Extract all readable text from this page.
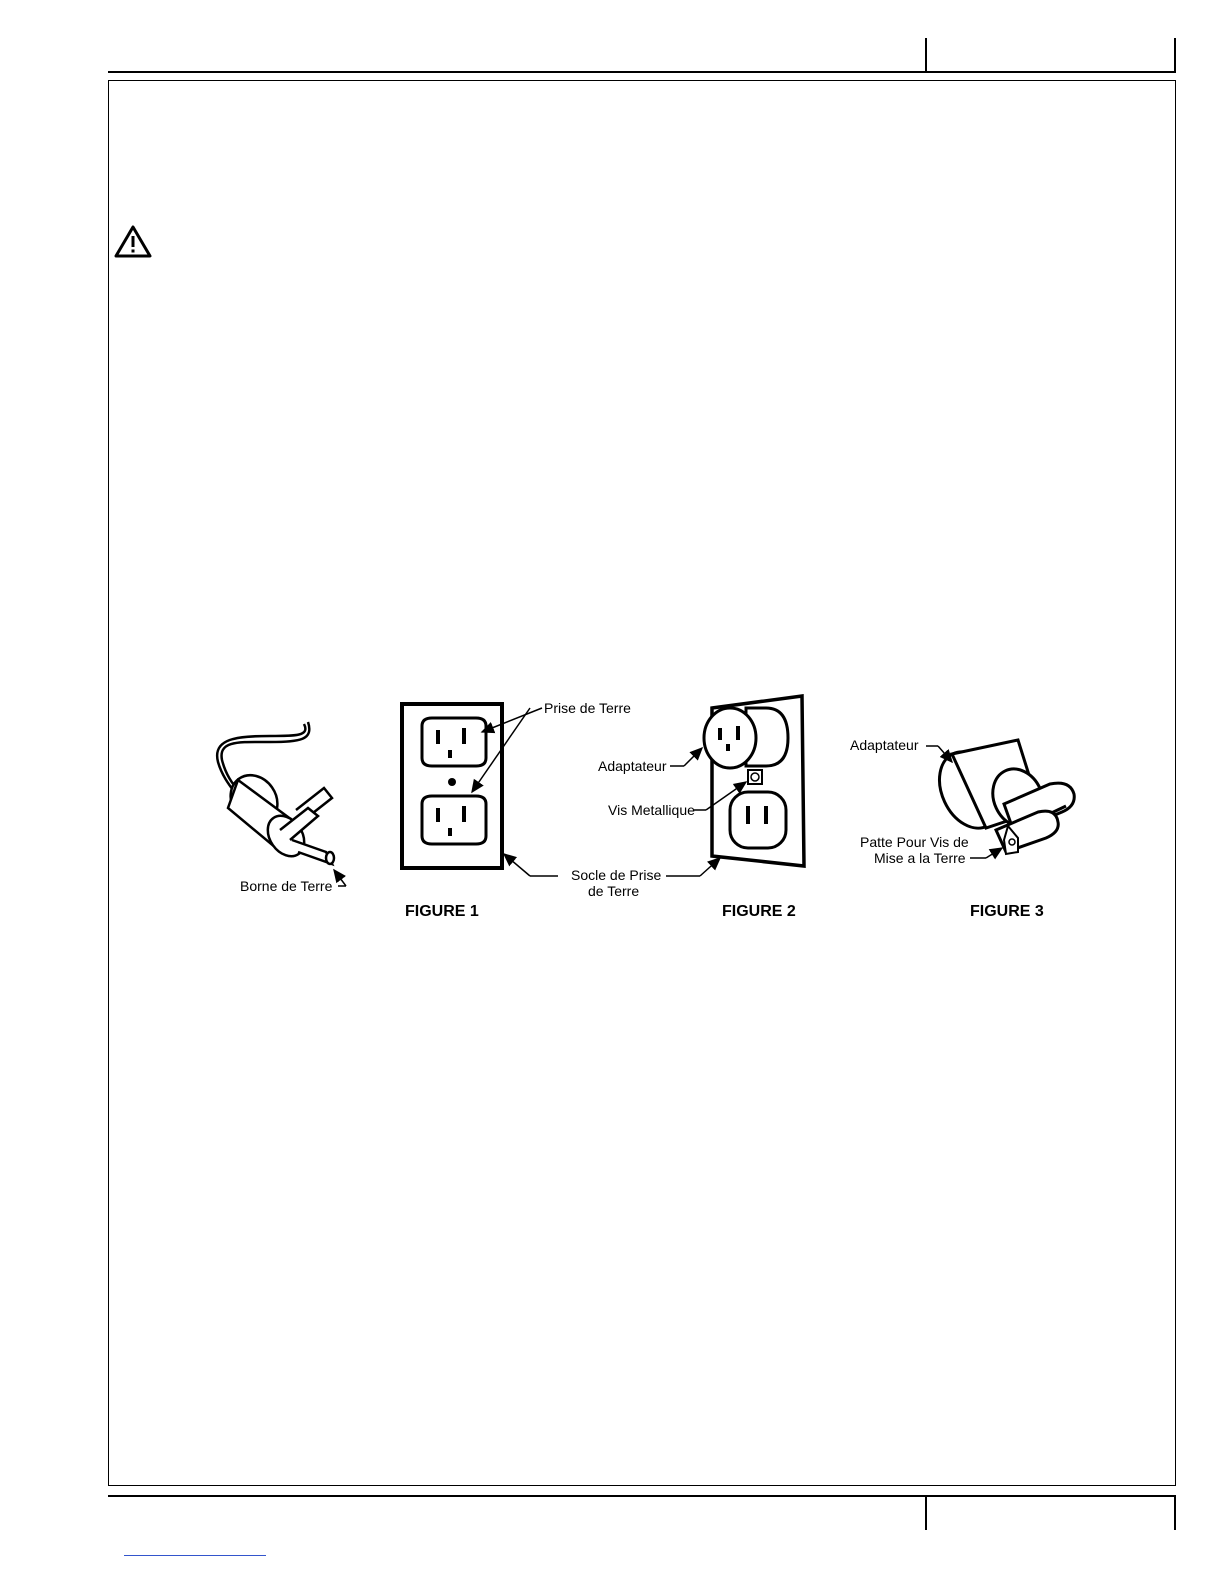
Borne de Terre
Prise de Terre
FIGURE 1
Socle de Prise
de Terre
Adaptateur
Vis Metallique
FIGURE 2
Adaptateur
Patte Pour Vis de
Mise a la Terre
FIGURE 3
